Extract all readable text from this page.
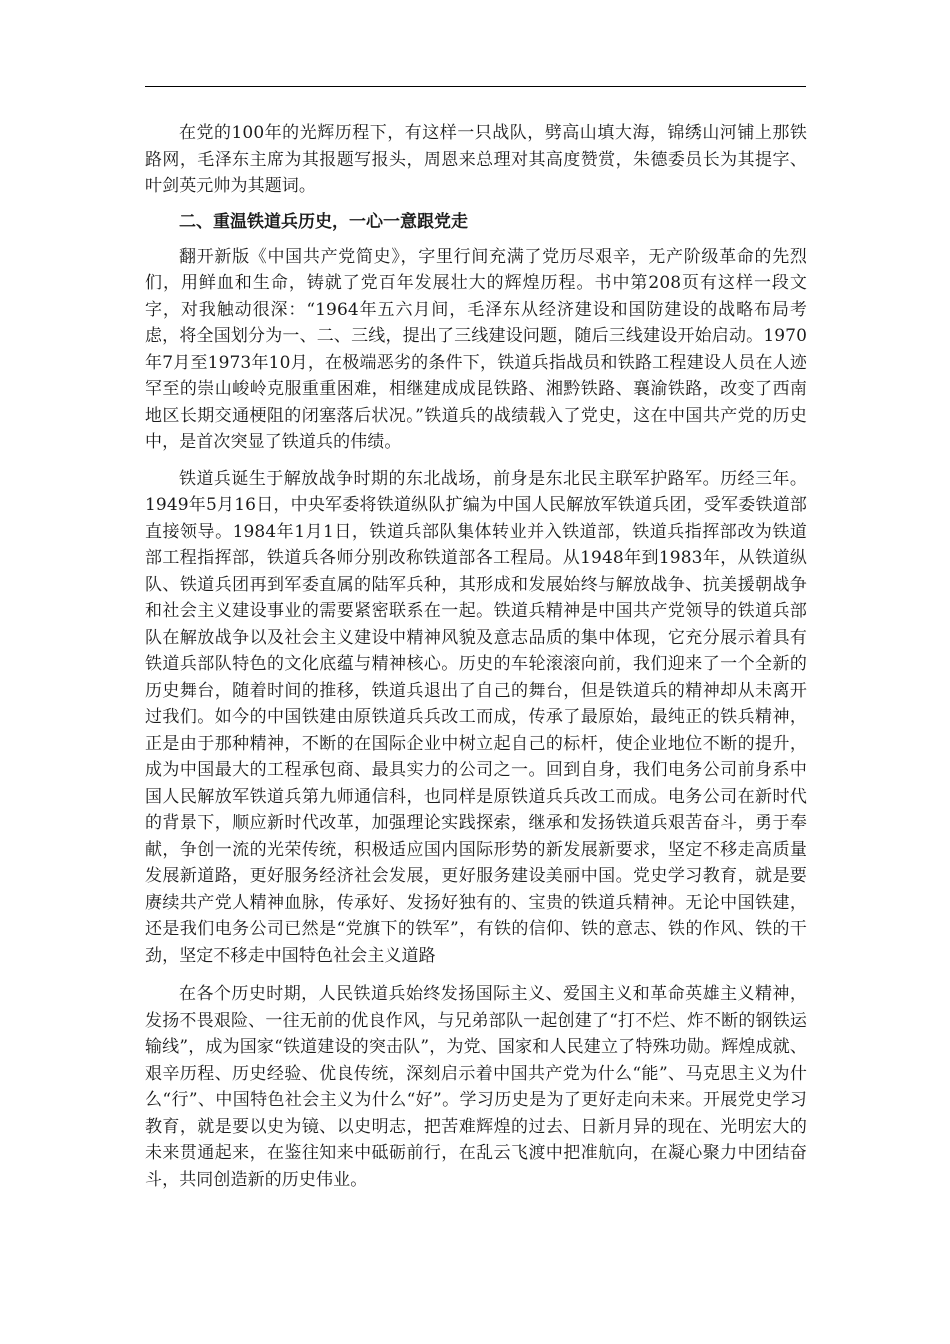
在党的100年的光辉历程下，有这样一只战队，劈高山填大海，锦绣山河铺上那铁路网，毛泽东主席为其报题写报头，周恩来总理对其高度赞赏，朱德委员长为其提字、叶剑英元帅为其题词。

二、重温铁道兵历史，一心一意跟党走

翻开新版《中国共产党简史》，字里行间充满了党历尽艰辛，无产阶级革命的先烈们，用鲜血和生命，铸就了党百年发展壮大的辉煌历程。书中第208页有这样一段文字，对我触动很深：“1964年五六月间，毛泽东从经济建设和国防建设的战略布局考虑，将全国划分为一、二、三线，提出了三线建设问题，随后三线建设开始启动。1970年7月至1973年10月，在极端恶劣的条件下，铁道兵指战员和铁路工程建设人员在人迹罕至的崇山峻岭克服重重困难，相继建成成昆铁路、湘黔铁路、襄渝铁路，改变了西南地区长期交通梗阻的闭塞落后状况。”铁道兵的战绩载入了党史，这在中国共产党的历史中，是首次突显了铁道兵的伟绩。

铁道兵诞生于解放战争时期的东北战场，前身是东北民主联军护路军。历经三年。1949年5月16日，中央军委将铁道纵队扩编为中国人民解放军铁道兵团，受军委铁道部直接领导。1984年1月1日，铁道兵部队集体转业并入铁道部，铁道兵指挥部改为铁道部工程指挥部，铁道兵各师分别改称铁道部各工程局。从1948年到1983年，从铁道纵队、铁道兵团再到军委直属的陆军兵种，其形成和发展始终与解放战争、抗美援朝战争和社会主义建设事业的需要紧密联系在一起。铁道兵精神是中国共产党领导的铁道兵部队在解放战争以及社会主义建设中精神风貌及意志品质的集中体现，它充分展示着具有铁道兵部队特色的文化底蕴与精神核心。历史的车轮滚滚向前，我们迎来了一个全新的历史舞台，随着时间的推移，铁道兵退出了自己的舞台，但是铁道兵的精神却从未离开过我们。如今的中国铁建由原铁道兵兵改工而成，传承了最原始，最纯正的铁兵精神，正是由于那种精神，不断的在国际企业中树立起自己的标杆，使企业地位不断的提升，成为中国最大的工程承包商、最具实力的公司之一。回到自身，我们电务公司前身系中国人民解放军铁道兵第九师通信科，也同样是原铁道兵兵改工而成。电务公司在新时代的背景下，顺应新时代改革，加强理论实践探索，继承和发扬铁道兵艰苦奋斗，勇于奉献，争创一流的光荣传统，积极适应国内国际形势的新发展新要求，坚定不移走高质量发展新道路，更好服务经济社会发展，更好服务建设美丽中国。党史学习教育，就是要赓续共产党人精神血脉，传承好、发扬好独有的、宝贵的铁道兵精神。无论中国铁建，还是我们电务公司已然是“党旗下的铁军”，有铁的信仰、铁的意志、铁的作风、铁的干劲，坚定不移走中国特色社会主义道路

在各个历史时期，人民铁道兵始终发扬国际主义、爱国主义和革命英雄主义精神，发扬不畏艰险、一往无前的优良作风，与兄弟部队一起创建了“打不烂、炸不断的钢铁运输线”，成为国家“铁道建设的突击队”，为党、国家和人民建立了特殊功勋。辉煌成就、艰辛历程、历史经验、优良传统，深刻启示着中国共产党为什么“能”、马克思主义为什么“行”、中国特色社会主义为什么“好”。学习历史是为了更好走向未来。开展党史学习教育，就是要以史为镜、以史明志，把苦难辉煌的过去、日新月异的现在、光明宏大的未来贯通起来，在鉴往知来中砥砺前行，在乱云飞渡中把准航向，在凝心聚力中团结奋斗，共同创造新的历史伟业。
